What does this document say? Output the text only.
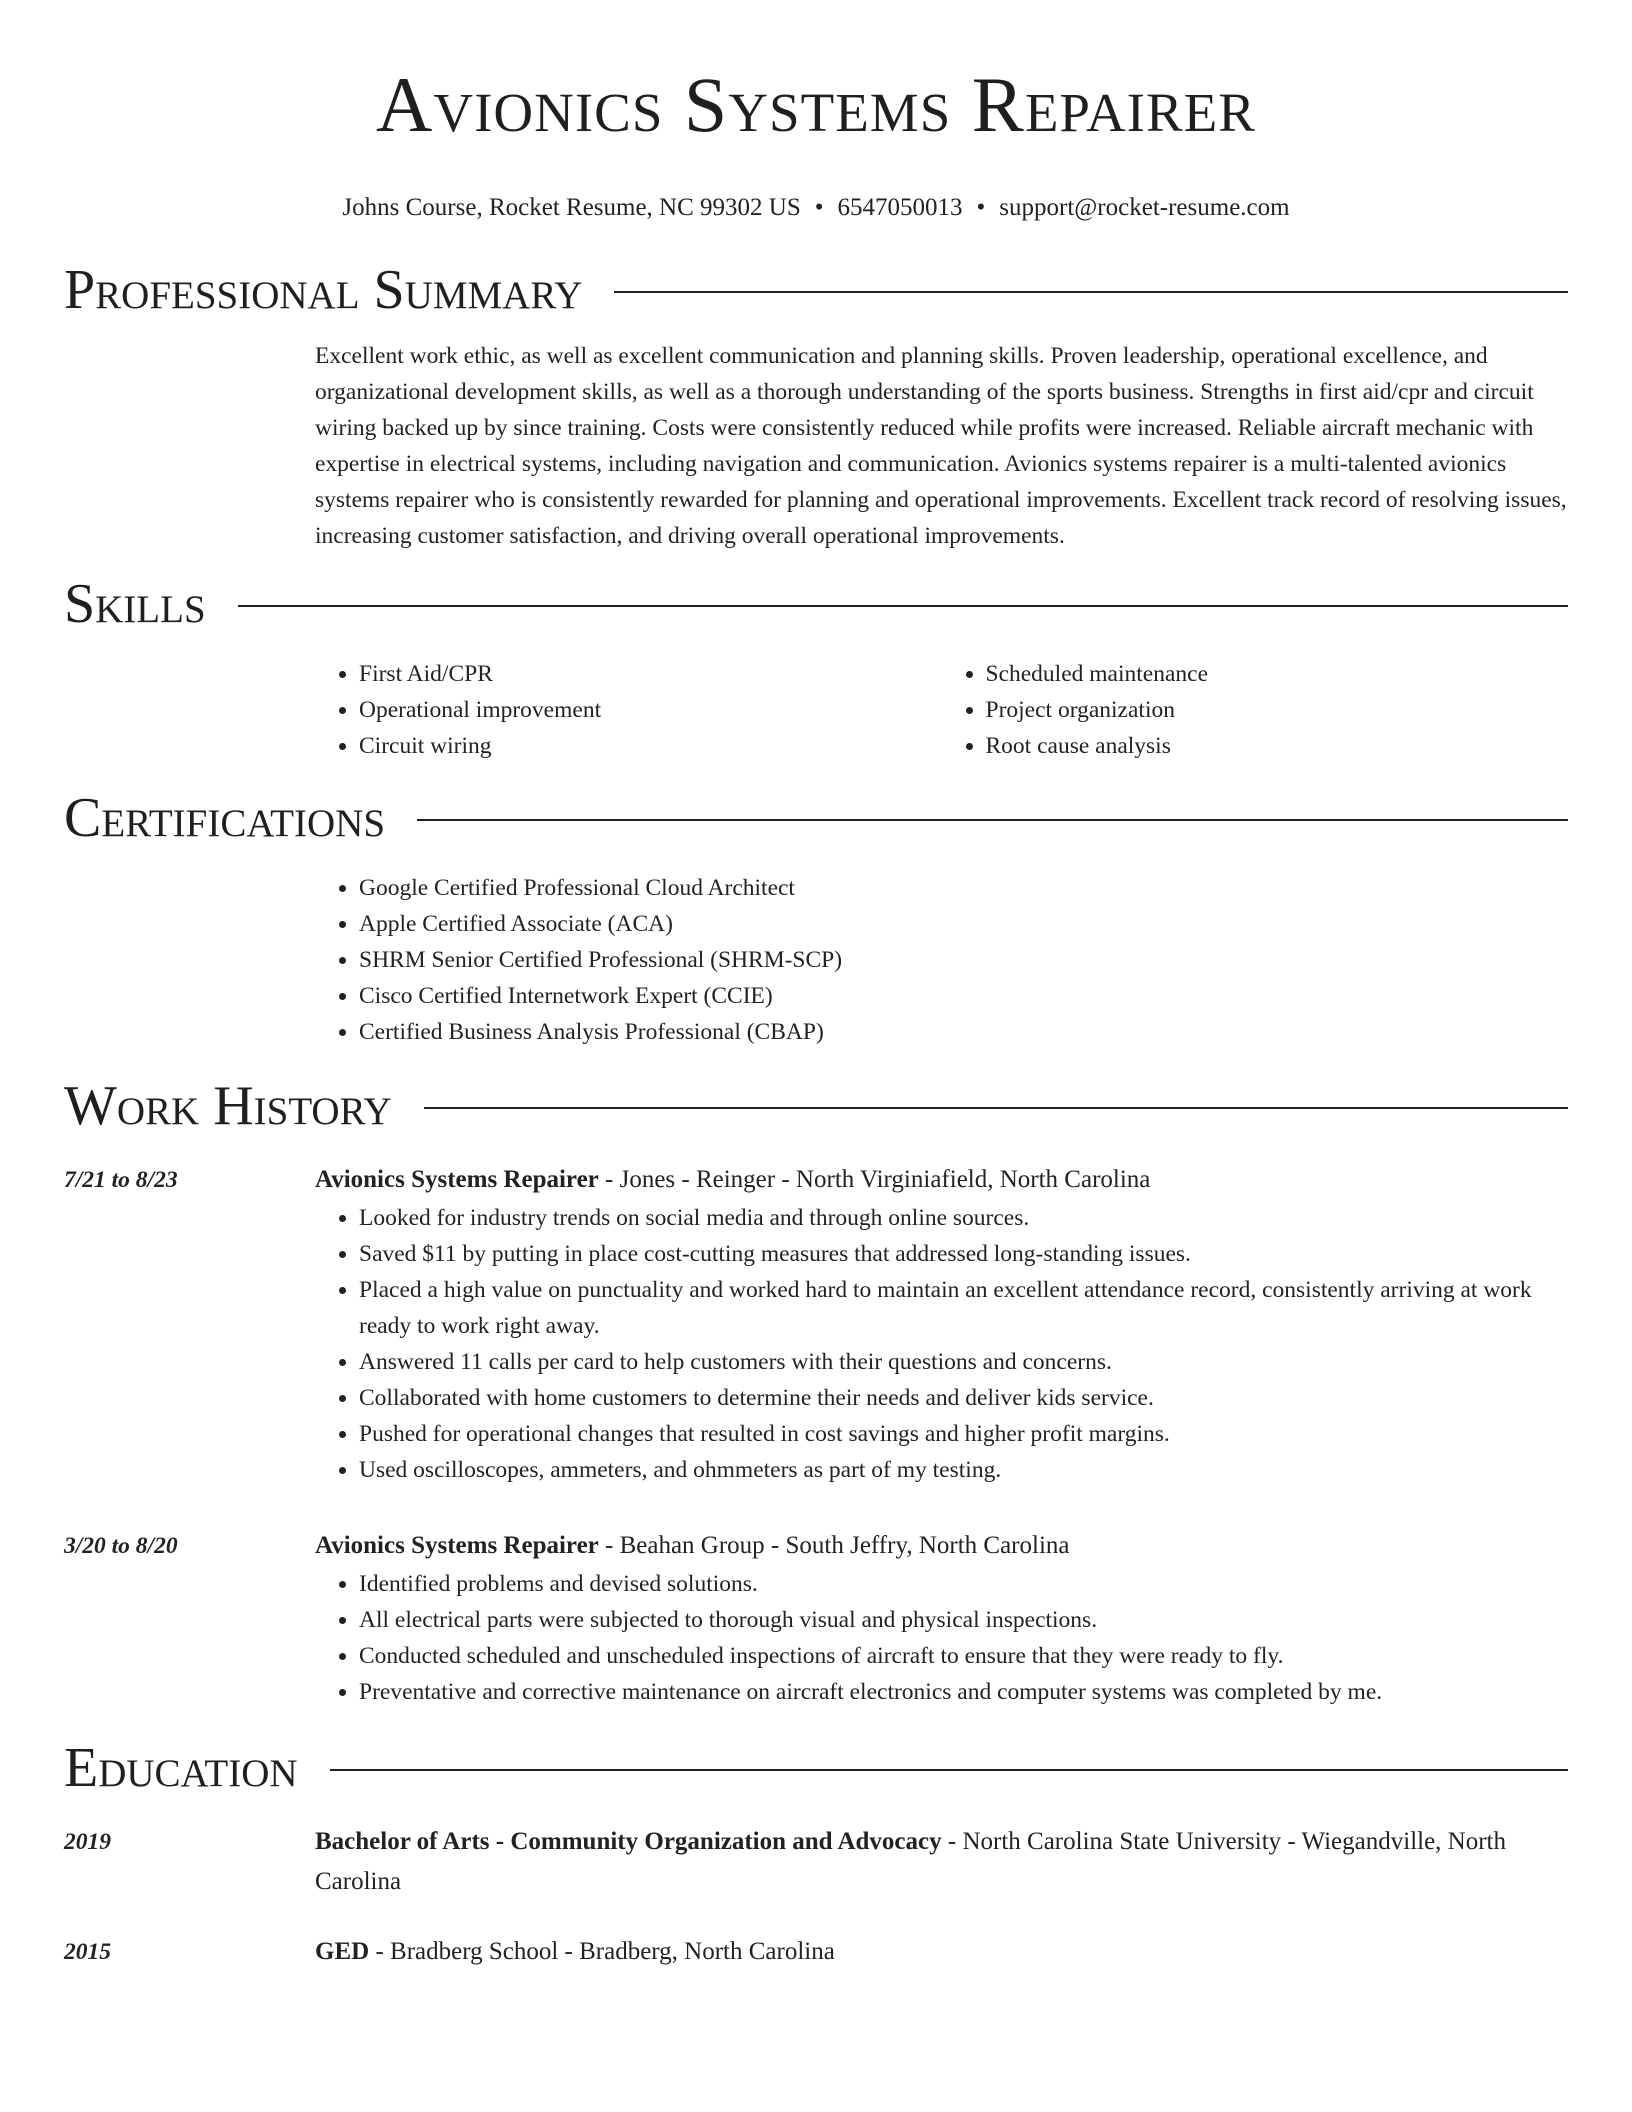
Avionics Systems Repairer
Johns Course, Rocket Resume, NC 99302 US • 6547050013 • support@rocket-resume.com
Professional Summary
Excellent work ethic, as well as excellent communication and planning skills. Proven leadership, operational excellence, and organizational development skills, as well as a thorough understanding of the sports business. Strengths in first aid/cpr and circuit wiring backed up by since training. Costs were consistently reduced while profits were increased. Reliable aircraft mechanic with expertise in electrical systems, including navigation and communication. Avionics systems repairer is a multi-talented avionics systems repairer who is consistently rewarded for planning and operational improvements. Excellent track record of resolving issues, increasing customer satisfaction, and driving overall operational improvements.
Skills
• First Aid/CPR
• Operational improvement
• Circuit wiring
• Scheduled maintenance
• Project organization
• Root cause analysis
Certifications
• Google Certified Professional Cloud Architect
• Apple Certified Associate (ACA)
• SHRM Senior Certified Professional (SHRM-SCP)
• Cisco Certified Internetwork Expert (CCIE)
• Certified Business Analysis Professional (CBAP)
Work History
7/21 to 8/23	Avionics Systems Repairer - Jones - Reinger - North Virginiafield, North Carolina
• Looked for industry trends on social media and through online sources.
• Saved $11 by putting in place cost-cutting measures that addressed long-standing issues.
• Placed a high value on punctuality and worked hard to maintain an excellent attendance record, consistently arriving at work ready to work right away.
• Answered 11 calls per card to help customers with their questions and concerns.
• Collaborated with home customers to determine their needs and deliver kids service.
• Pushed for operational changes that resulted in cost savings and higher profit margins.
• Used oscilloscopes, ammeters, and ohmmeters as part of my testing.
3/20 to 8/20	Avionics Systems Repairer - Beahan Group - South Jeffry, North Carolina
• Identified problems and devised solutions.
• All electrical parts were subjected to thorough visual and physical inspections.
• Conducted scheduled and unscheduled inspections of aircraft to ensure that they were ready to fly.
• Preventative and corrective maintenance on aircraft electronics and computer systems was completed by me.
Education
2019	Bachelor of Arts - Community Organization and Advocacy - North Carolina State University - Wiegandville, North Carolina
2015	GED - Bradberg School - Bradberg, North Carolina
